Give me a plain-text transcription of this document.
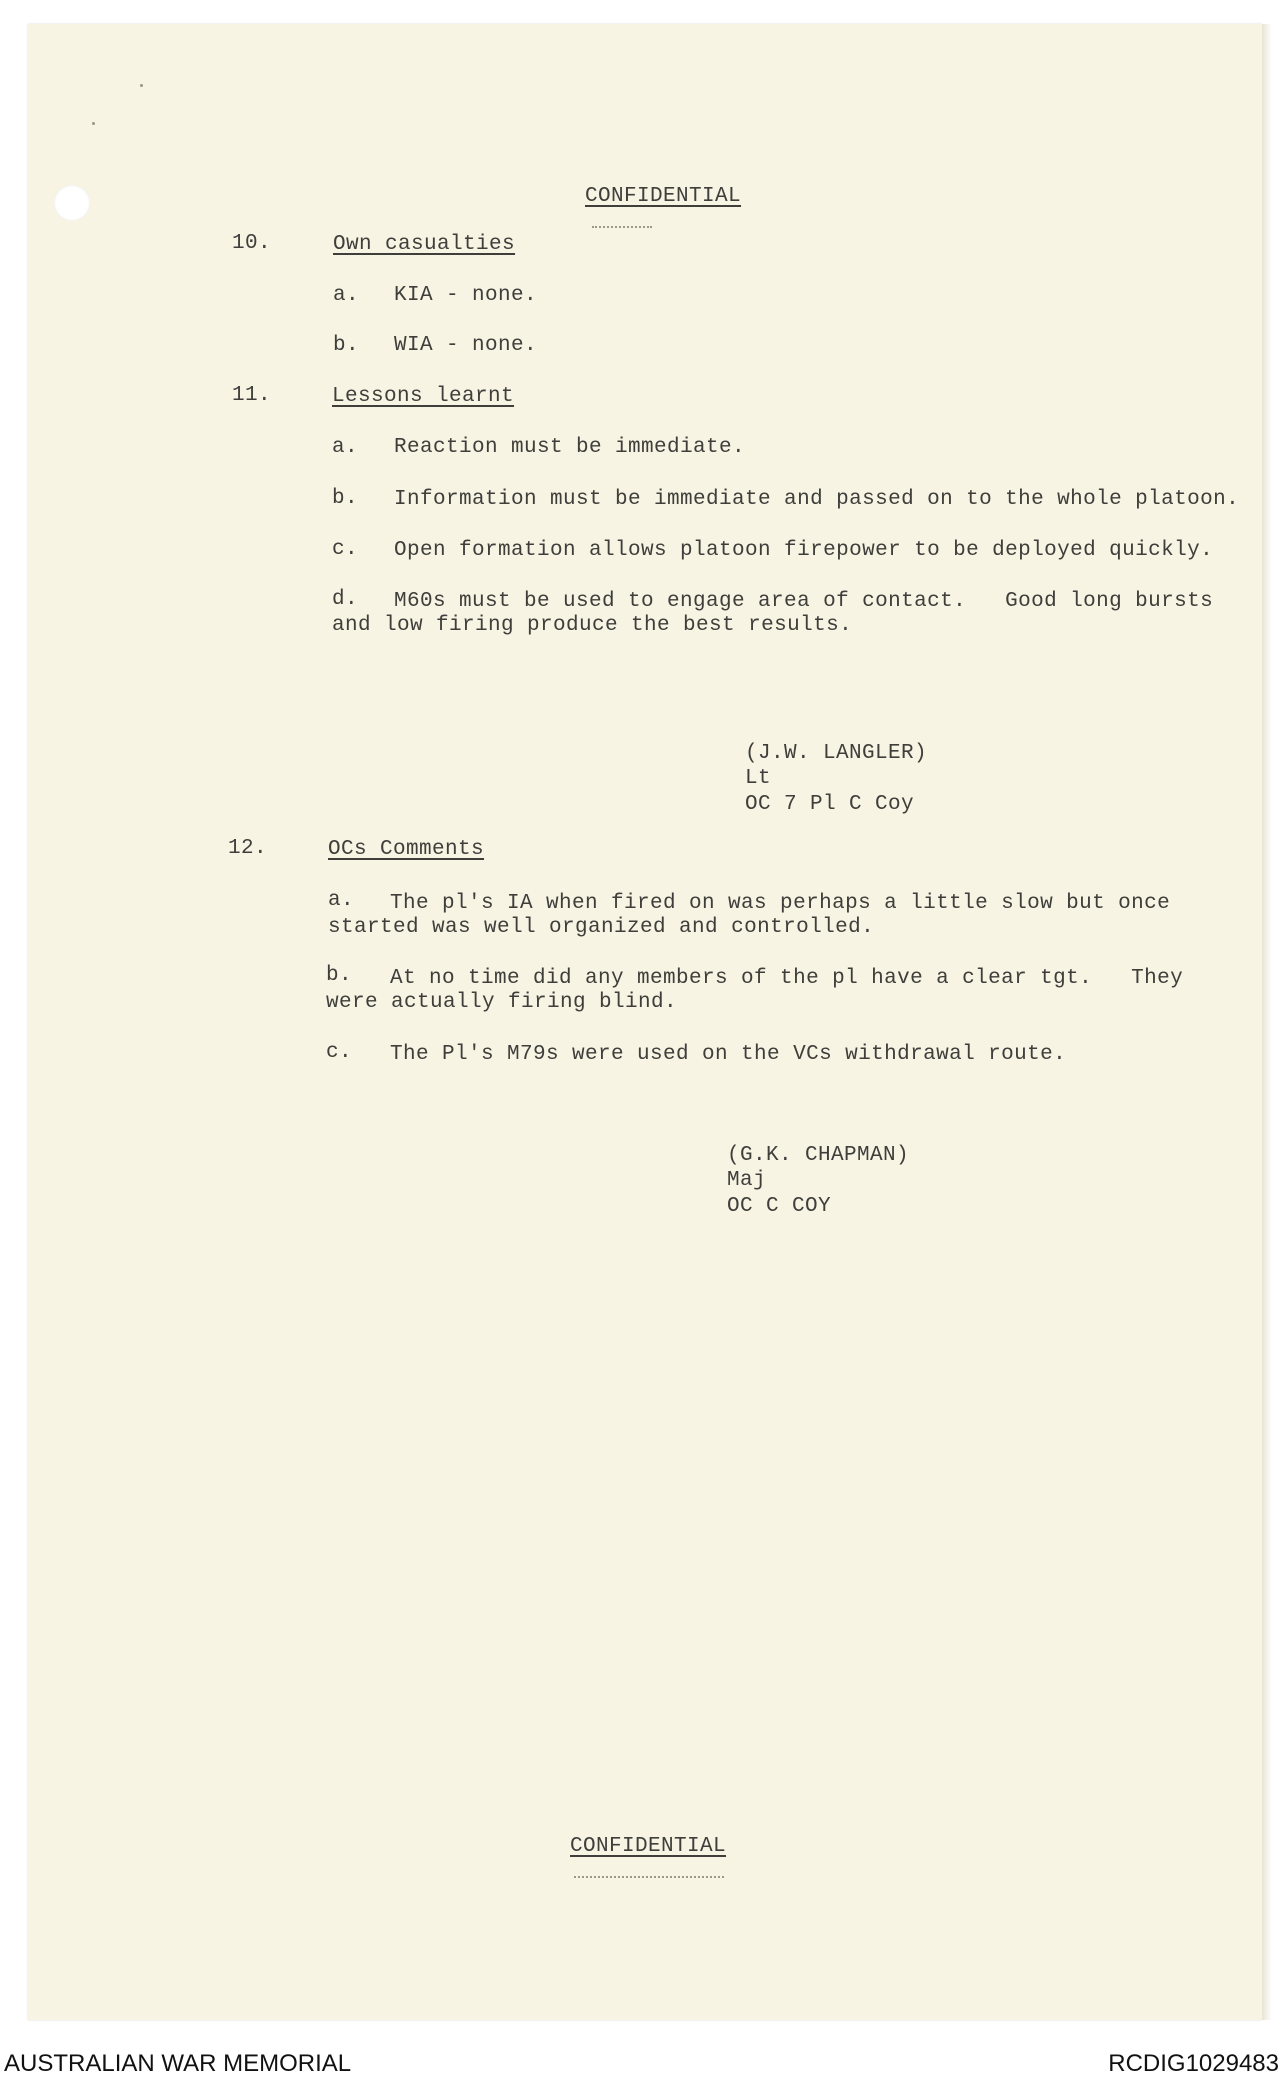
CONFIDENTIAL
10.	Own casualties
a. KIA - none.
b. WIA - none.
11.	Lessons learnt
a. Reaction must be immediate.
b. Information must be immediate and passed on to the whole platoon.
c. Open formation allows platoon firepower to be deployed quickly.
d. M60s must be used to engage area of contact.   Good long bursts
and low firing produce the best results.
(J.W. LANGLER)
Lt
OC 7 Pl C Coy
12.	OCs Comments
a. The pl's IA when fired on was perhaps a little slow but once
started was well organized and controlled.
b. At no time did any members of the pl have a clear tgt.   They
were actually firing blind.
c. The Pl's M79s were used on the VCs withdrawal route.
(G.K. CHAPMAN)
Maj
OC C COY
CONFIDENTIAL
AUSTRALIAN WAR MEMORIAL	RCDIG1029483
